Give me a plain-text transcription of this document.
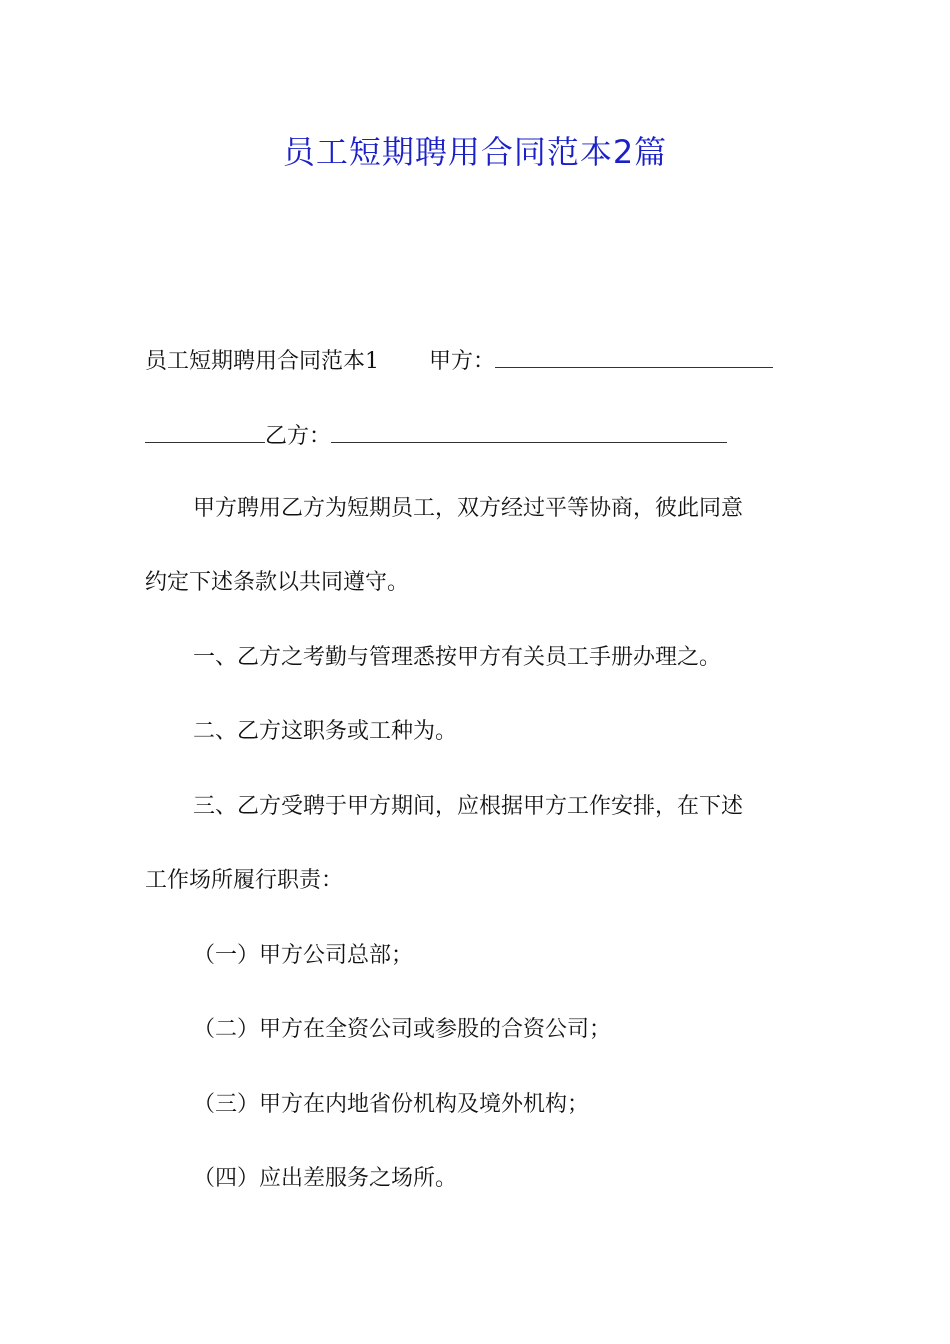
员工短期聘用合同范本2篇
员工短期聘用合同范本1 甲方：
乙方：
甲方聘用乙方为短期员工，双方经过平等协商，彼此同意
约定下述条款以共同遵守。
一、乙方之考勤与管理悉按甲方有关员工手册办理之。
二、乙方这职务或工种为。
三、乙方受聘于甲方期间，应根据甲方工作安排，在下述
工作场所履行职责：
（一）甲方公司总部；
（二）甲方在全资公司或参股的合资公司；
（三）甲方在内地省份机构及境外机构；
（四）应出差服务之场所。
